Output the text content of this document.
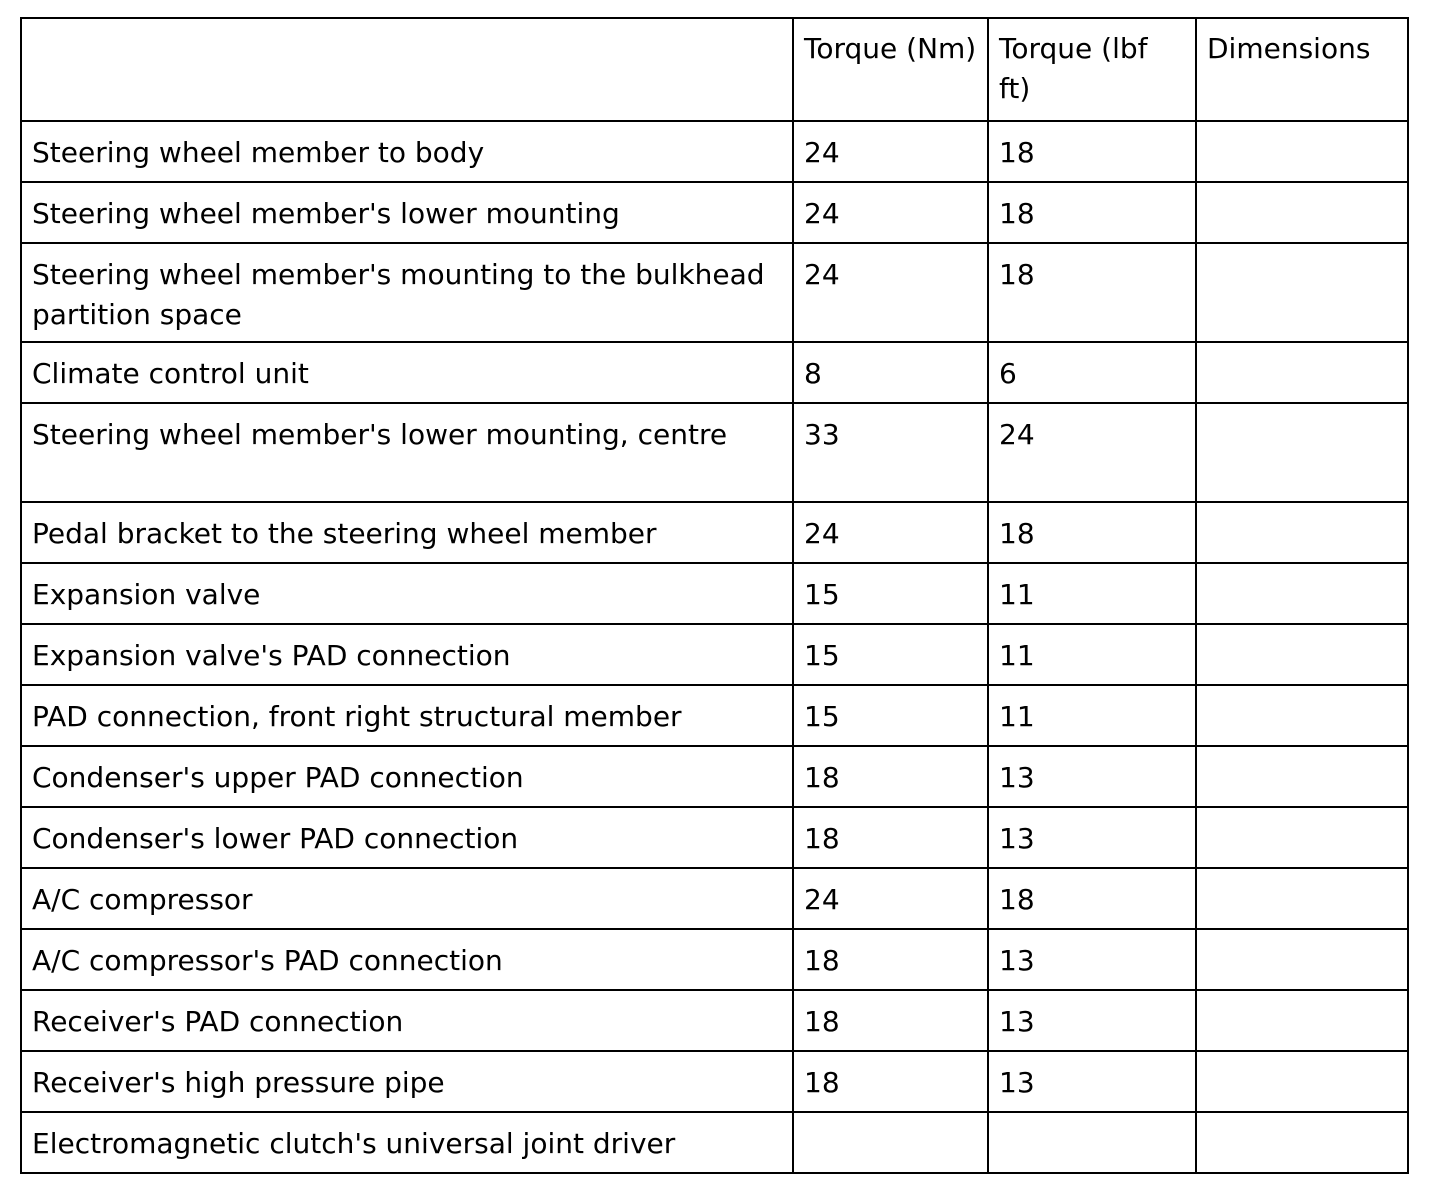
	Torque (Nm)	Torque (lbf ft)	Dimensions
Steering wheel member to body	24	18	
Steering wheel member's lower mounting	24	18	
Steering wheel member's mounting to the bulkhead partition space	24	18	
Climate control unit	8	6	
Steering wheel member's lower mounting, centre	33	24	
Pedal bracket to the steering wheel member	24	18	
Expansion valve	15	11	
Expansion valve's PAD connection	15	11	
PAD connection, front right structural member	15	11	
Condenser's upper PAD connection	18	13	
Condenser's lower PAD connection	18	13	
A/C compressor	24	18	
A/C compressor's PAD connection	18	13	
Receiver's PAD connection	18	13	
Receiver's high pressure pipe	18	13	
Electromagnetic clutch's universal joint driver			
